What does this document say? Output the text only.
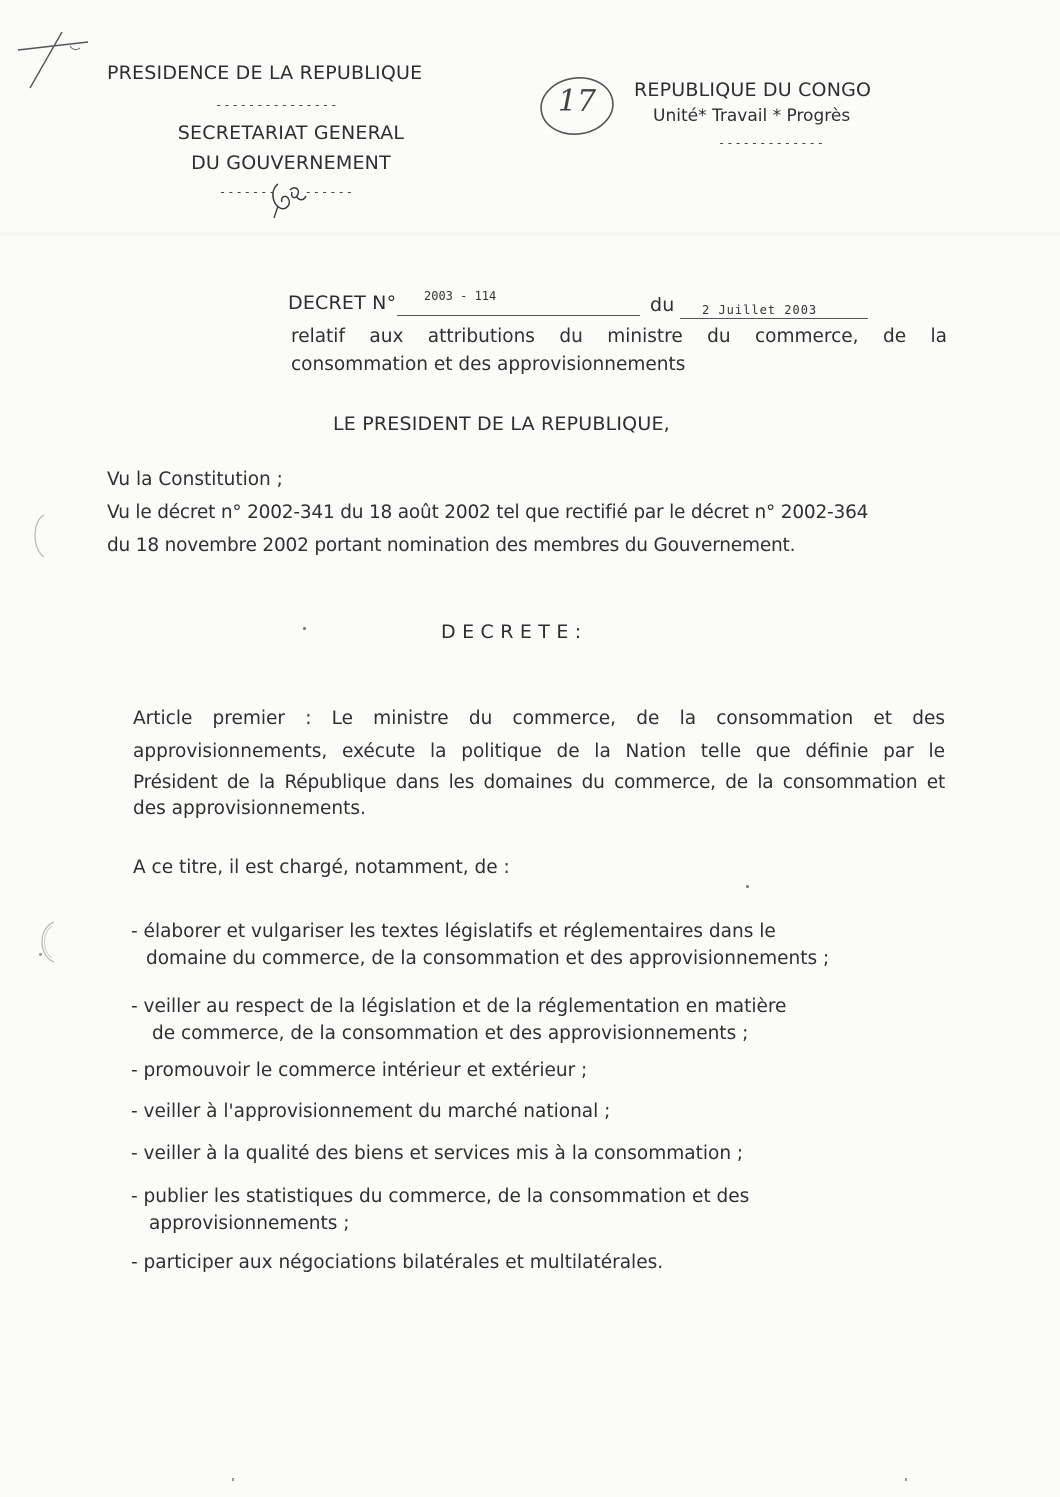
PRESIDENCE DE LA REPUBLIQUE
---------------
SECRETARIAT GENERAL
DU GOUVERNEMENT
------- ------
17	REPUBLIQUE DU CONGO
Unité* Travail * Progrès
-------------
DECRET N° 2003 - 114	du 2 Juillet 2003
relatif aux attributions du ministre du commerce, de la
consommation et des approvisionnements
LE PRESIDENT DE LA REPUBLIQUE,
Vu la Constitution ;
Vu le décret n° 2002-341 du 18 août 2002 tel que rectifié par le décret n° 2002-364
du 18 novembre 2002 portant nomination des membres du Gouvernement.
D E C R E T E :
Article premier : Le ministre du commerce, de la consommation et des
approvisionnements, exécute la politique de la Nation telle que définie par le
Président de la République dans les domaines du commerce, de la consommation et
des approvisionnements.
A ce titre, il est chargé, notamment, de :
- élaborer et vulgariser les textes législatifs et réglementaires dans le
domaine du commerce, de la consommation et des approvisionnements ;
- veiller au respect de la législation et de la réglementation en matière
de commerce, de la consommation et des approvisionnements ;
- promouvoir le commerce intérieur et extérieur ;
- veiller à l'approvisionnement du marché national ;
- veiller à la qualité des biens et services mis à la consommation ;
- publier les statistiques du commerce, de la consommation et des
approvisionnements ;
- participer aux négociations bilatérales et multilatérales.
